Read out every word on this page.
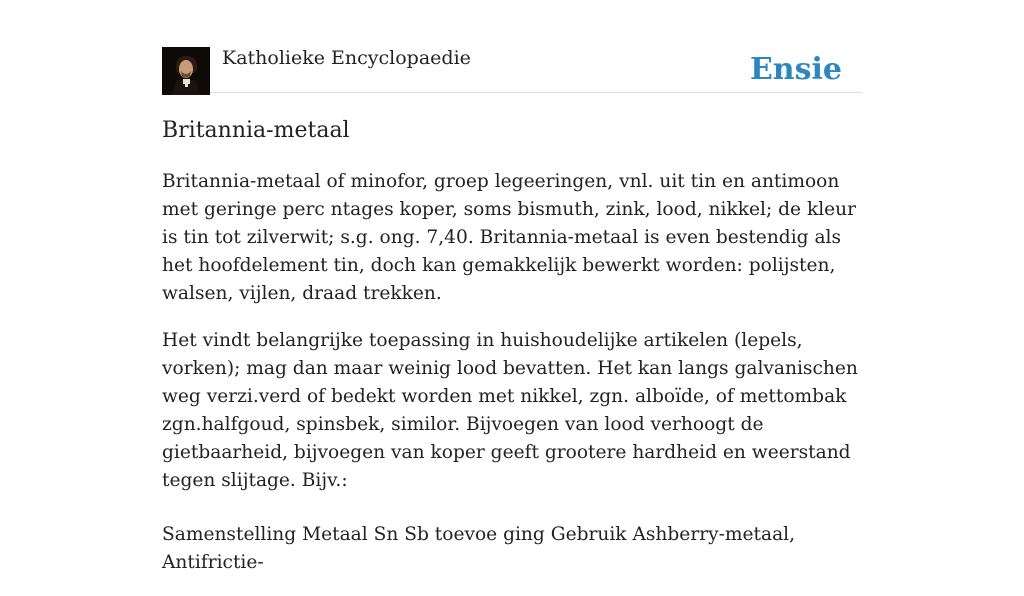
Katholieke Encyclopaedie	Ensie
Britannia-metaal

Britannia-metaal of minofor, groep legeeringen, vnl. uit tin en antimoon met geringe perc ntages koper, soms bismuth, zink, lood, nikkel; de kleur is tin tot zilverwit; s.g. ong. 7,40. Britannia-metaal is even bestendig als het hoofdelement tin, doch kan gemakkelijk bewerkt worden: polijsten, walsen, vijlen, draad trekken.

Het vindt belangrijke toepassing in huishoudelijke artikelen (lepels, vorken); mag dan maar weinig lood bevatten. Het kan langs galvanischen weg verzi.verd of bedekt worden met nikkel, zgn. alboïde, of mettombak zgn.halfgoud, spinsbek, similor. Bijvoegen van lood verhoogt de gietbaarheid, bijvoegen van koper geeft grootere hardheid en weerstand tegen slijtage. Bijv.:

Samenstelling Metaal Sn Sb toevoe ging Gebruik Ashberry-metaal, Antifrictie-
